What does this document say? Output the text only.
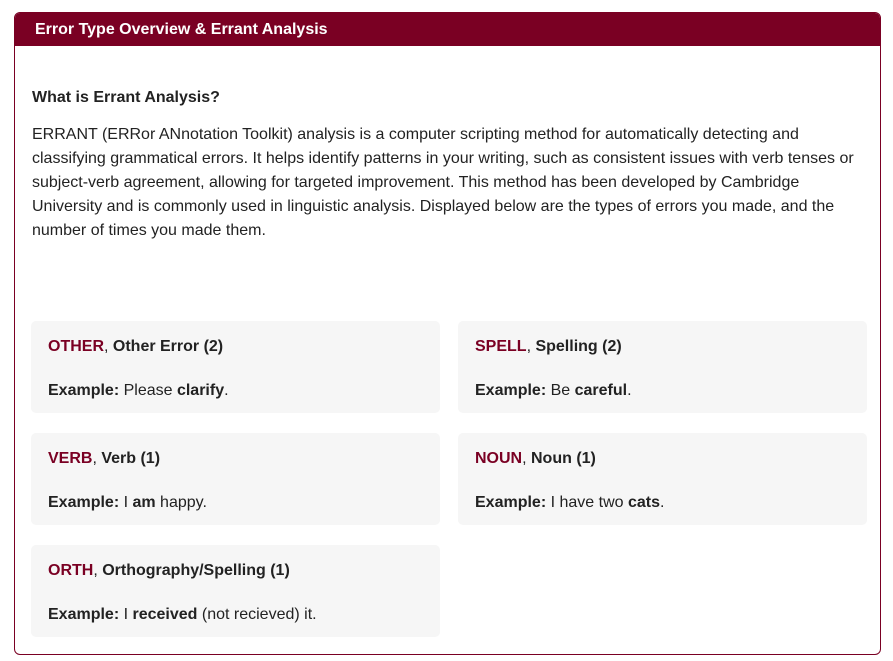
Error Type Overview & Errant Analysis
What is Errant Analysis?

ERRANT (ERRor ANnotation Toolkit) analysis is a computer scripting method for automatically detecting and classifying grammatical errors. It helps identify patterns in your writing, such as consistent issues with verb tenses or subject-verb agreement, allowing for targeted improvement. This method has been developed by Cambridge University and is commonly used in linguistic analysis. Displayed below are the types of errors you made, and the number of times you made them.

OTHER, Other Error (2)
Example: Please clarify.
SPELL, Spelling (2)
Example: Be careful.
VERB, Verb (1)
Example: I am happy.
NOUN, Noun (1)
Example: I have two cats.
ORTH, Orthography/Spelling (1)
Example: I received (not recieved) it.
